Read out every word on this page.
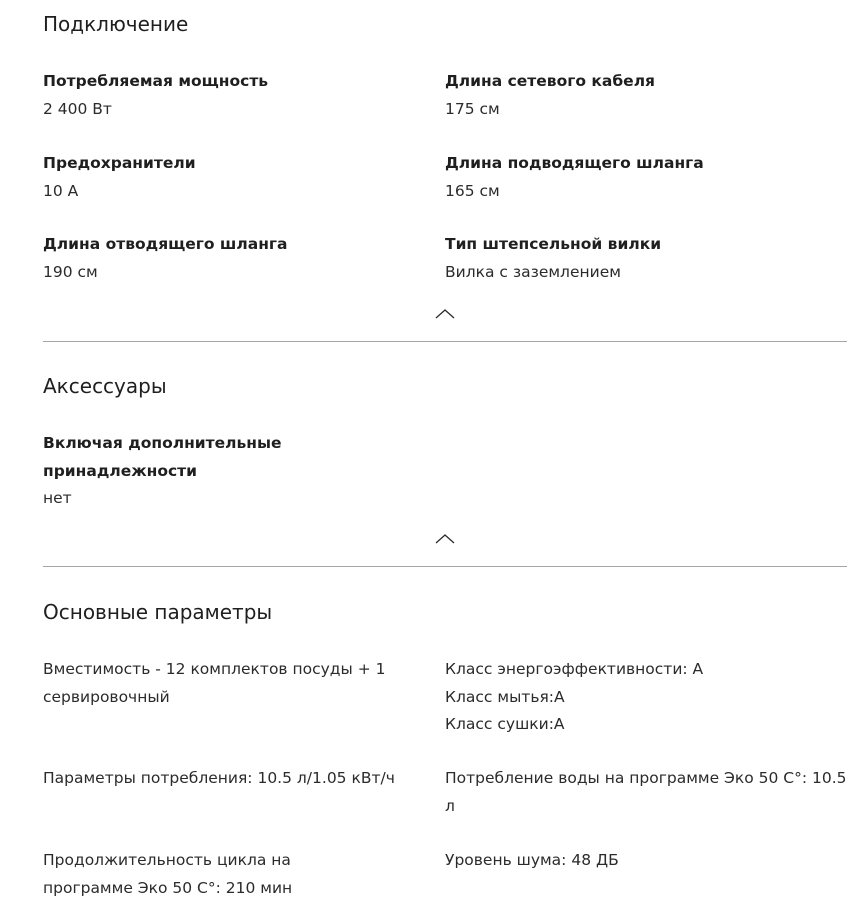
Подключение
Потребляемая мощность
2 400 Вт
Длина сетевого кабеля
175 см
Предохранители
10 А
Длина подводящего шланга
165 см
Длина отводящего шланга
190 см
Тип штепсельной вилки
Вилка с заземлением
Аксессуары
Включая дополнительные принадлежности
нет
Основные параметры
Вместимость - 12 комплектов посуды + 1 сервировочный
Класс энергоэффективности: A
Класс мытья:A
Класс сушки:A
Параметры потребления: 10.5 л/1.05 кВт/ч	Потребление воды на программе Эко 50 С°: 10.5 л
Продолжительность цикла на программе Эко 50 С°: 210 мин
Уровень шума: 48 ДБ
